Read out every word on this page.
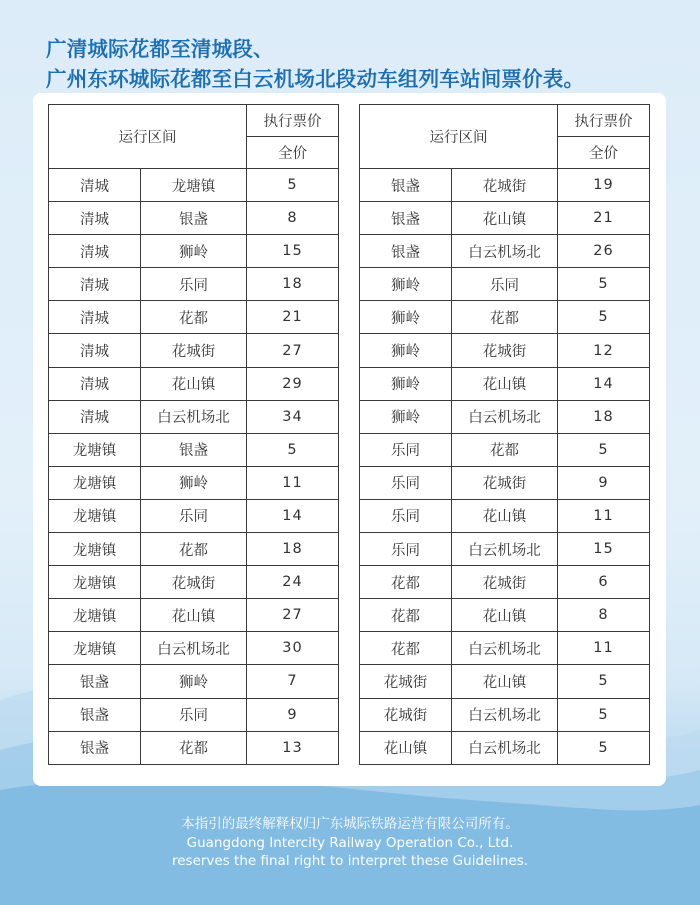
广清城际花都至清城段、
广州东环城际花都至白云机场北段动车组列车站间票价表。
运行区间		执行票价
		全价
清城	龙塘镇	5
清城	银盏	8
清城	狮岭	15
清城	乐同	18
清城	花都	21
清城	花城街	27
清城	花山镇	29
清城	白云机场北	34
龙塘镇	银盏	5
龙塘镇	狮岭	11
龙塘镇	乐同	14
龙塘镇	花都	18
龙塘镇	花城街	24
龙塘镇	花山镇	27
龙塘镇	白云机场北	30
银盏	狮岭	7
银盏	乐同	9
银盏	花都	13
运行区间		执行票价
		全价
银盏	花城街	19
银盏	花山镇	21
银盏	白云机场北	26
狮岭	乐同	5
狮岭	花都	5
狮岭	花城街	12
狮岭	花山镇	14
狮岭	白云机场北	18
乐同	花都	5
乐同	花城街	9
乐同	花山镇	11
乐同	白云机场北	15
花都	花城街	6
花都	花山镇	8
花都	白云机场北	11
花城街	花山镇	5
花城街	白云机场北	5
花山镇	白云机场北	5
本指引的最终解释权归广东城际铁路运营有限公司所有。
Guangdong Intercity Railway Operation Co., Ltd.
reserves the final right to interpret these Guidelines.
